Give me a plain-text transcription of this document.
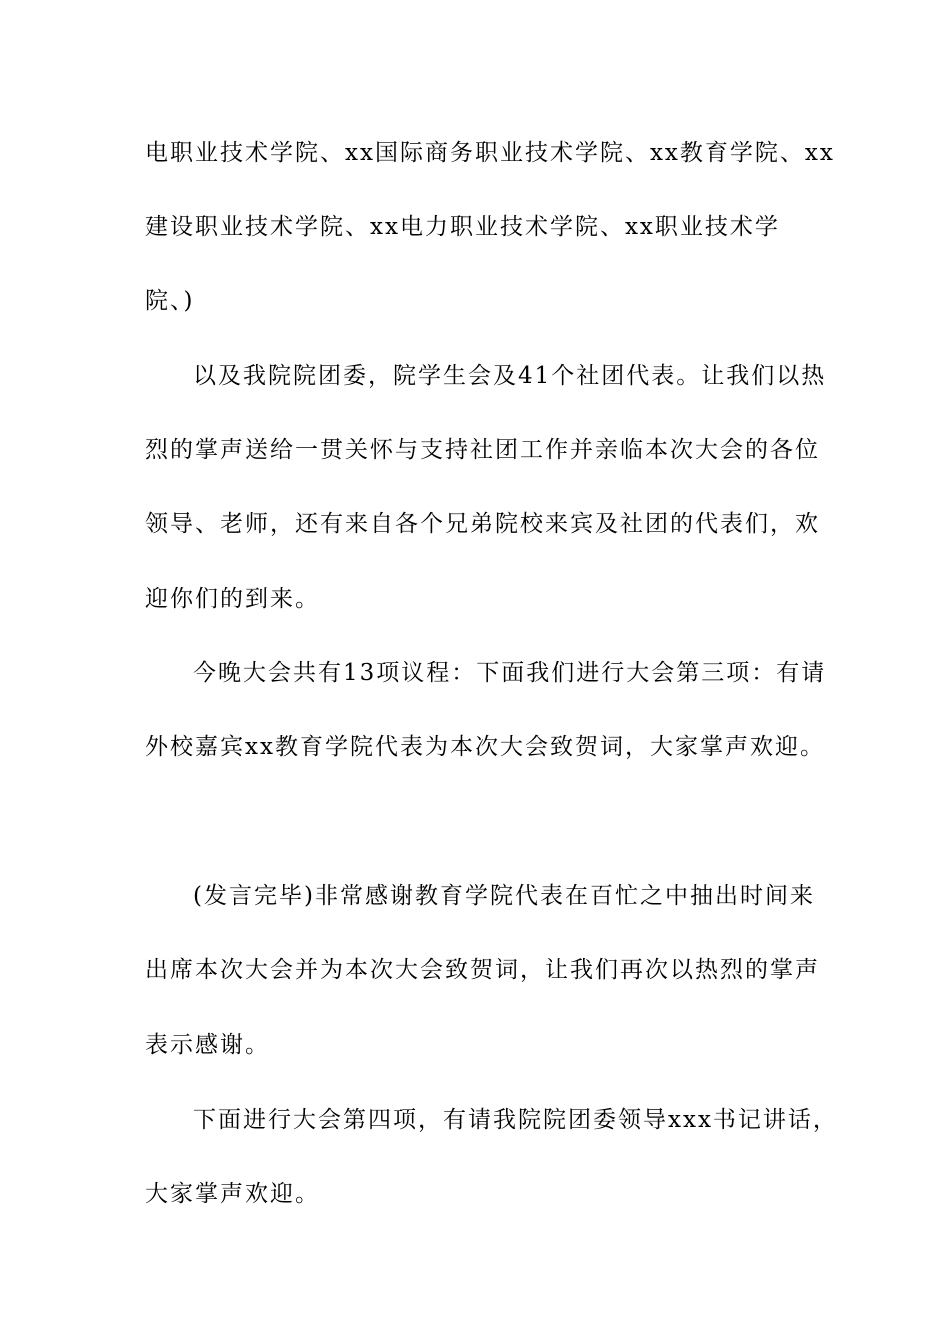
电职业技术学院、xx国际商务职业技术学院、xx教育学院、xx
建设职业技术学院、xx电力职业技术学院、xx职业技术学
院、)
以及我院院团委，院学生会及41个社团代表。让我们以热
烈的掌声送给一贯关怀与支持社团工作并亲临本次大会的各位
领导、老师，还有来自各个兄弟院校来宾及社团的代表们，欢
迎你们的到来。
今晚大会共有13项议程：下面我们进行大会第三项：有请
外校嘉宾xx教育学院代表为本次大会致贺词，大家掌声欢迎。
(发言完毕)非常感谢教育学院代表在百忙之中抽出时间来
出席本次大会并为本次大会致贺词，让我们再次以热烈的掌声
表示感谢。
下面进行大会第四项，有请我院院团委领导xxx书记讲话，
大家掌声欢迎。
